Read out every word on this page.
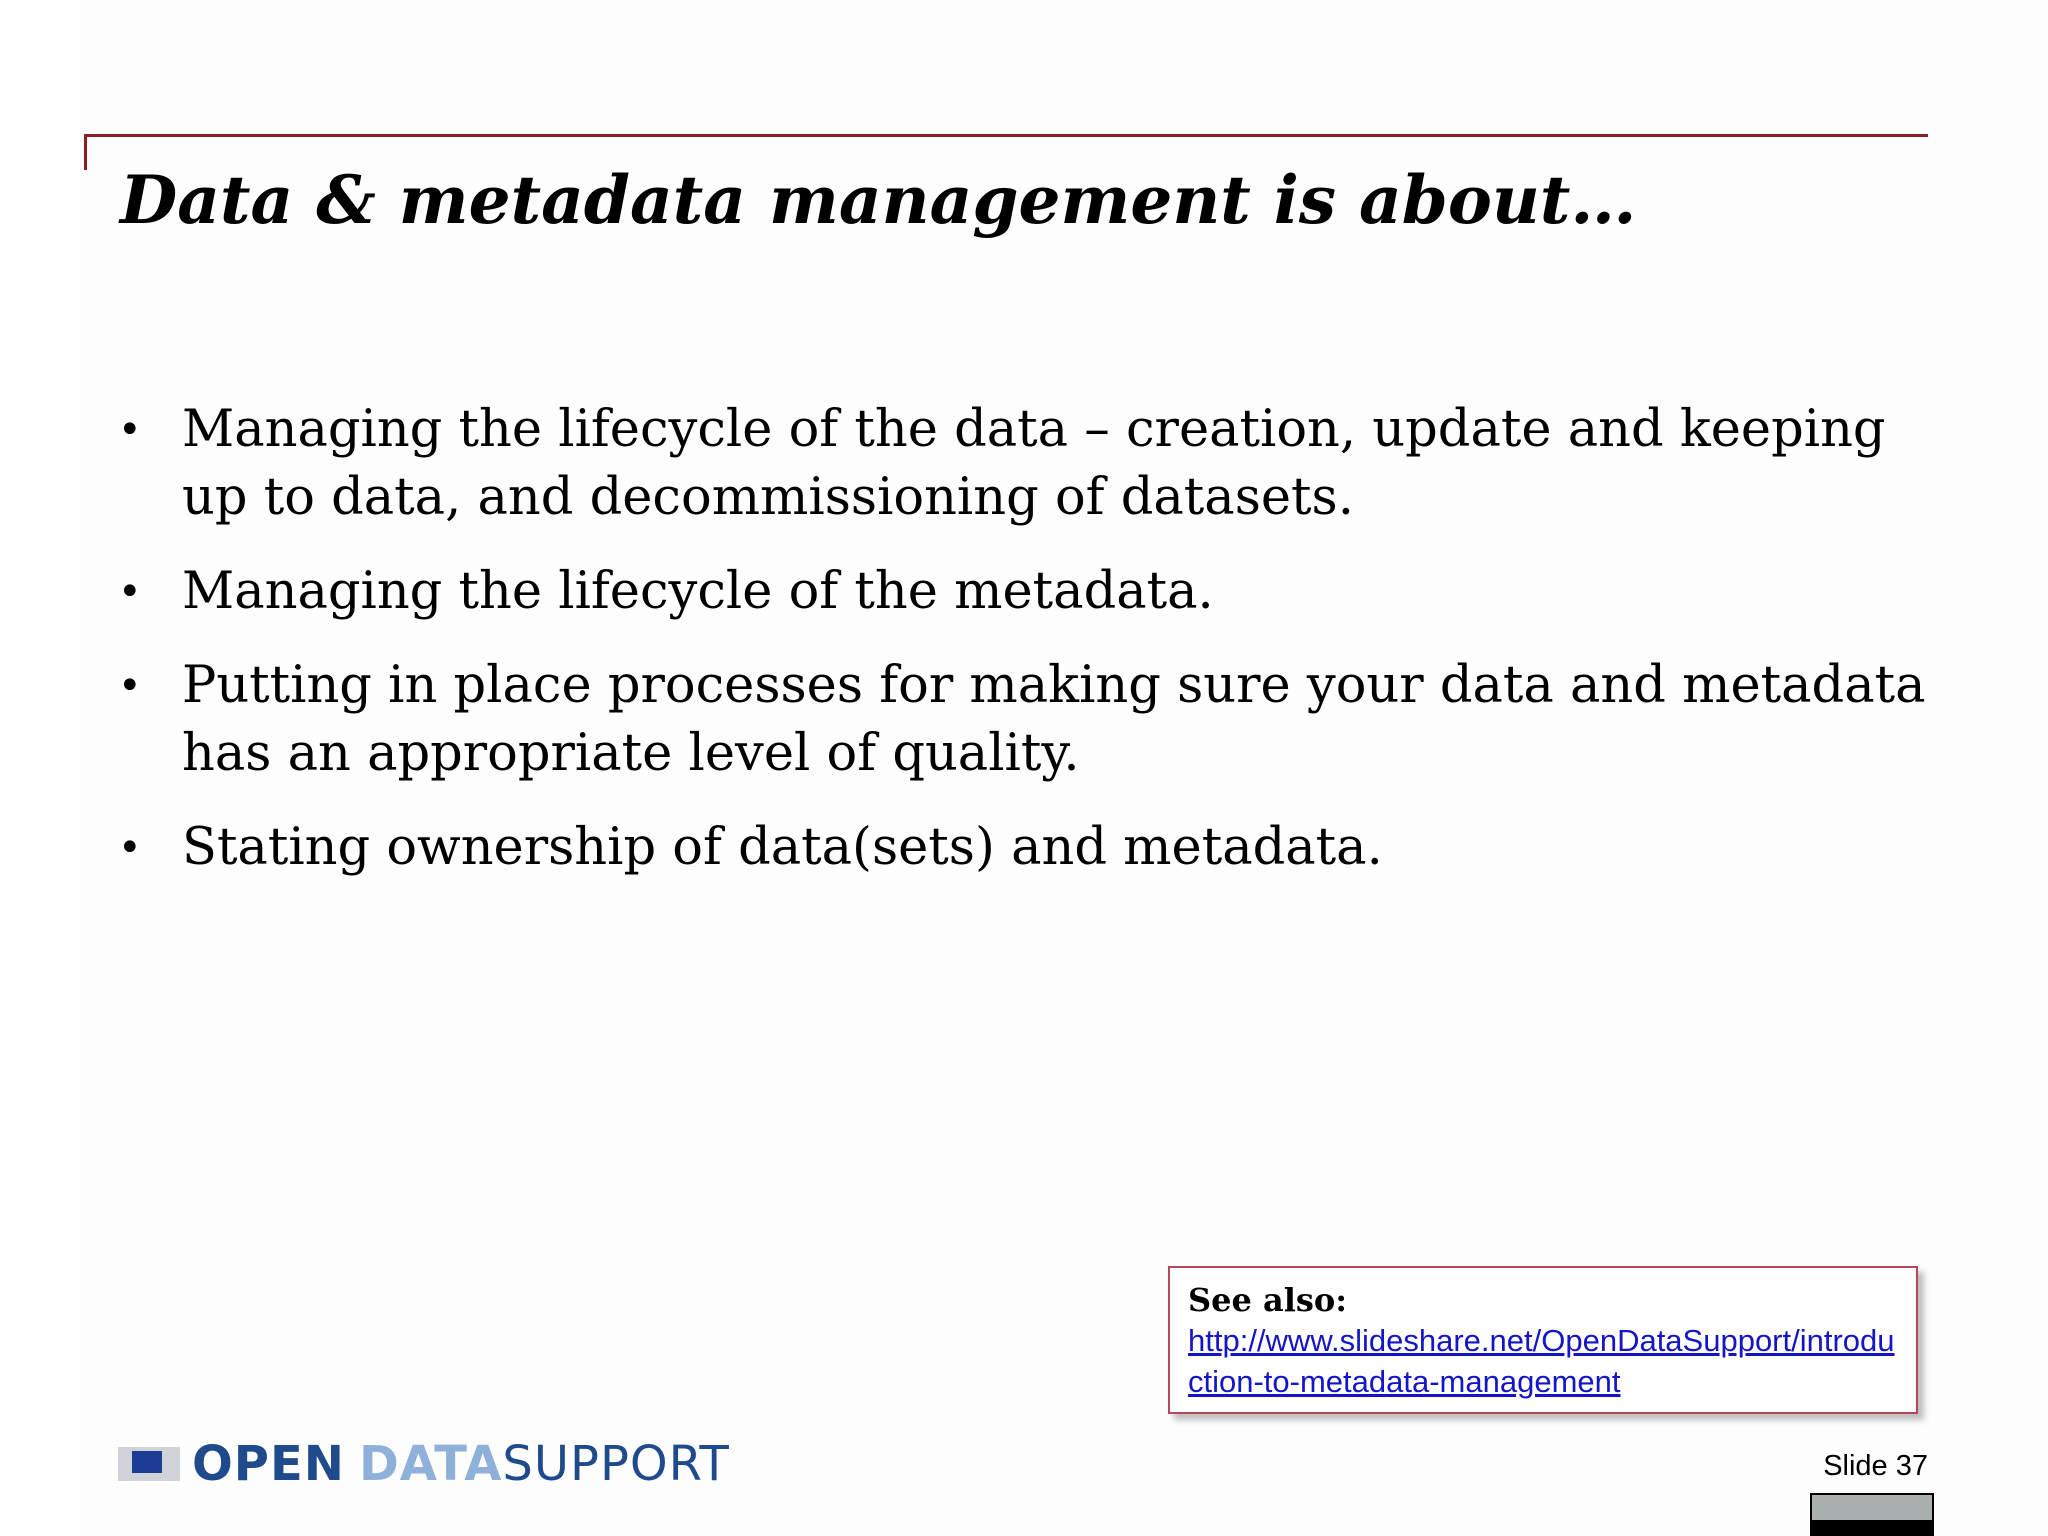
Data & metadata management is about…
• Managing the lifecycle of the data – creation, update and keeping up to data, and decommissioning of datasets.
• Managing the lifecycle of the metadata.
• Putting in place processes for making sure your data and metadata has an appropriate level of quality.
• Stating ownership of data(sets) and metadata.
See also:
http://www.slideshare.net/OpenDataSupport/introduction-to-metadata-management
OPEN DATA SUPPORT	Slide 37
